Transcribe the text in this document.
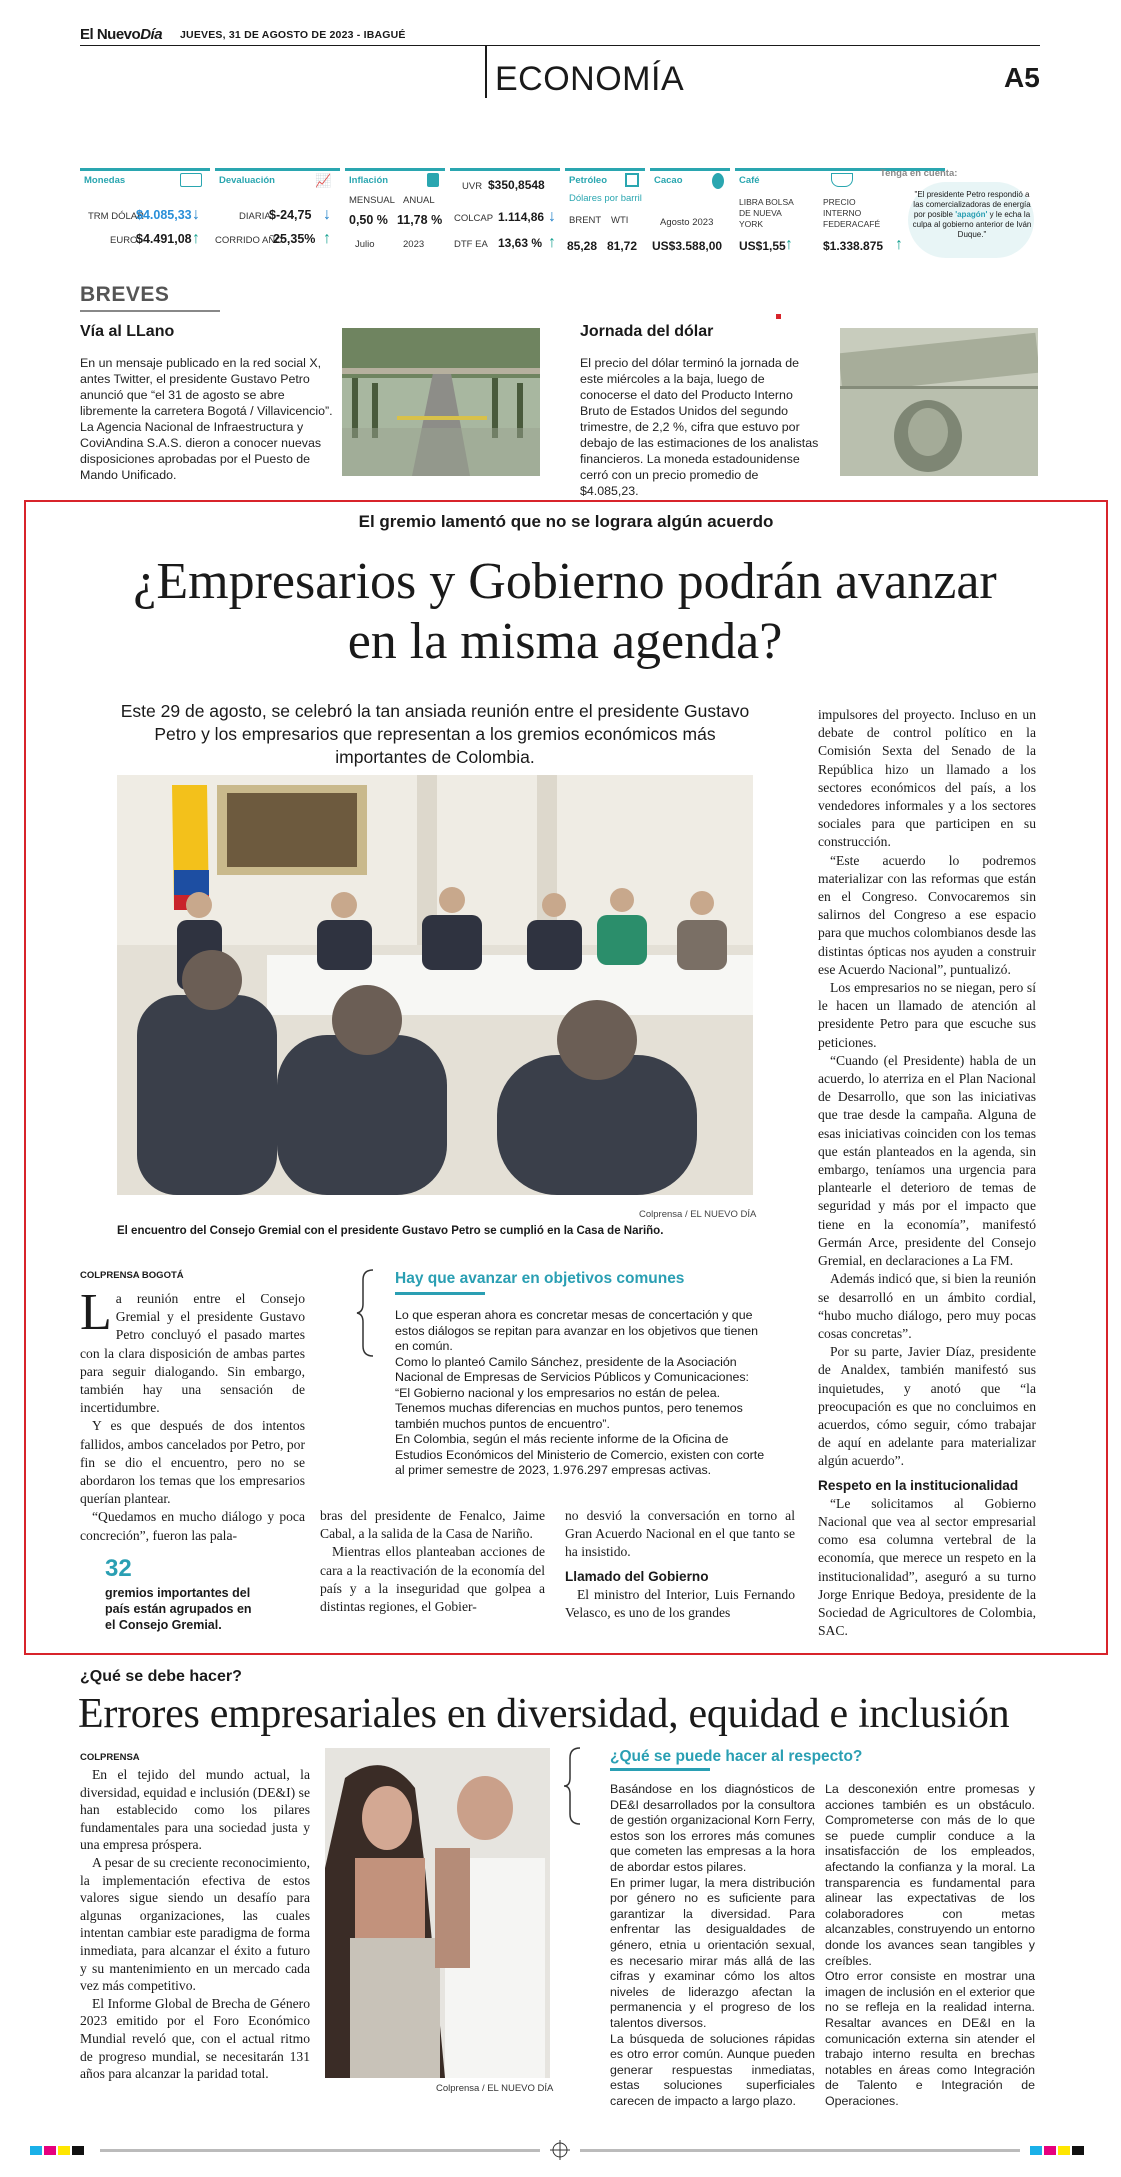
El NuevoDía JUEVES, 31 DE AGOSTO DE 2023 - IBAGUÉ
ECONOMÍA	A5
Monedas
TRM DÓLAR
$4.085,33 ↓
EURO
$4.491,08 ↑
Devaluación	📈
DIARIA
$-24,75 ↓
CORRIDO AÑO
25,35% ↑
Inflación
MENSUAL
0,50 %
Julio
ANUAL
11,78 %
2023
UVR $350,8548
COLCAP 1.114,86 ↓
DTF EA 13,63 % ↑
Petróleo
Dólares por barril
BRENT
85,28
WTI
81,72
Cacao
Agosto 2023
US$3.588,00
Café
LIBRA BOLSA DE NUEVA YORK
US$1,55 ↑
PRECIO INTERNO FEDERACAFÉ
$1.338.875 ↑
Tenga en cuenta:
"El presidente Petro respondió a las comercializadoras de energía por posible 'apagón' y le echa la culpa al gobierno anterior de Iván Duque."
BREVES
Vía al LLano
En un mensaje publicado en la red social X, antes Twitter, el presidente Gustavo Petro anunció que “el 31 de agosto se abre libremente la carretera Bogotá / Villavicencio”. La Agencia Nacional de Infraestructura y CoviAndina S.A.S. dieron a conocer nuevas disposiciones aprobadas por el Puesto de Mando Unificado.
Jornada del dólar
El precio del dólar terminó la jornada de este miércoles a la baja, luego de conocerse el dato del Producto Interno Bruto de Estados Unidos del segundo trimestre, de 2,2 %, cifra que estuvo por debajo de las estimaciones de los analistas financieros. La moneda estadounidense cerró con un precio promedio de $4.085,23.
El gremio lamentó que no se lograra algún acuerdo
¿Empresarios y Gobierno podrán avanzar en la misma agenda?
Este 29 de agosto, se celebró la tan ansiada reunión entre el presidente Gustavo Petro y los empresarios que representan a los gremios económicos más importantes de Colombia.
Colprensa / EL NUEVO DÍA
El encuentro del Consejo Gremial con el presidente Gustavo Petro se cumplió en la Casa de Nariño.
COLPRENSA BOGOTÁ

La reunión entre el Consejo Gremial y el presidente Gustavo Petro concluyó el pasado martes con la clara disposición de ambas partes para seguir dialogando. Sin embargo, también hay una sensación de incertidumbre.

Y es que después de dos intentos fallidos, ambos cancelados por Petro, por fin se dio el encuentro, pero no se abordaron los temas que los empresarios querían plantear.

“Quedamos en mucho diálogo y poca concreción”, fueron las pala-

32
gremios importantes del país están agrupados en el Consejo Gremial.
Hay que avanzar en objetivos comunes

Lo que esperan ahora es concretar mesas de concertación y que estos diálogos se repitan para avanzar en los objetivos que tienen en común.

Como lo planteó Camilo Sánchez, presidente de la Asociación Nacional de Empresas de Servicios Públicos y Comunicaciones: “El Gobierno nacional y los empresarios no están de pelea. Tenemos muchas diferencias en muchos puntos, pero tenemos también muchos puntos de encuentro”.

En Colombia, según el más reciente informe de la Oficina de Estudios Económicos del Ministerio de Comercio, existen con corte al primer semestre de 2023, 1.976.297 empresas activas.

bras del presidente de Fenalco, Jaime Cabal, a la salida de la Casa de Nariño.

Mientras ellos planteaban acciones de cara a la reactivación de la economía del país y a la inseguridad que golpea a distintas regiones, el Gobier-

no desvió la conversación en torno al Gran Acuerdo Nacional en el que tanto se ha insistido.

Llamado del Gobierno

El ministro del Interior, Luis Fernando Velasco, es uno de los grandes

impulsores del proyecto. Incluso en un debate de control político en la Comisión Sexta del Senado de la República hizo un llamado a los sectores económicos del país, a los vendedores informales y a los sectores sociales para que participen en su construcción.

“Este acuerdo lo podremos materializar con las reformas que están en el Congreso. Convocaremos sin salirnos del Congreso a ese espacio para que muchos colombianos desde las distintas ópticas nos ayuden a construir ese Acuerdo Nacional”, puntualizó.

Los empresarios no se niegan, pero sí le hacen un llamado de atención al presidente Petro para que escuche sus peticiones.

“Cuando (el Presidente) habla de un acuerdo, lo aterriza en el Plan Nacional de Desarrollo, que son las iniciativas que trae desde la campaña. Alguna de esas iniciativas coinciden con los temas que están planteados en la agenda, sin embargo, teníamos una urgencia para plantearle el deterioro de temas de seguridad y más por el impacto que tiene en la economía”, manifestó Germán Arce, presidente del Consejo Gremial, en declaraciones a La FM.

Además indicó que, si bien la reunión se desarrolló en un ámbito cordial, “hubo mucho diálogo, pero muy pocas cosas concretas”.

Por su parte, Javier Díaz, presidente de Analdex, también manifestó sus inquietudes, y anotó que “la preocupación es que no concluimos en acuerdos, cómo seguir, cómo trabajar de aquí en adelante para materializar algún acuerdo”.

Respeto en la institucionalidad

“Le solicitamos al Gobierno Nacional que vea al sector empresarial como esa columna vertebral de la economía, que merece un respeto en la institucionalidad”, aseguró a su turno Jorge Enrique Bedoya, presidente de la Sociedad de Agricultores de Colombia, SAC.

¿Qué se debe hacer?
Errores empresariales en diversidad, equidad e inclusión
COLPRENSA

En el tejido del mundo actual, la diversidad, equidad e inclusión (DE&I) se han establecido como los pilares fundamentales para una sociedad justa y una empresa próspera.

A pesar de su creciente reconocimiento, la implementación efectiva de estos valores sigue siendo un desafío para algunas organizaciones, las cuales intentan cambiar este paradigma de forma inmediata, para alcanzar el éxito a futuro y su mantenimiento en un mercado cada vez más competitivo.

El Informe Global de Brecha de Género 2023 emitido por el Foro Económico Mundial reveló que, con el actual ritmo de progreso mundial, se necesitarán 131 años para alcanzar la paridad total.

Colprensa / EL NUEVO DÍA
¿Qué se puede hacer al respecto?

Basándose en los diagnósticos de DE&I desarrollados por la consultora de gestión organizacional Korn Ferry, estos son los errores más comunes que cometen las empresas a la hora de abordar estos pilares.

En primer lugar, la mera distribución por género no es suficiente para garantizar la diversidad. Para enfrentar las desigualdades de género, etnia u orientación sexual, es necesario mirar más allá de las cifras y examinar cómo los altos niveles de liderazgo afectan la permanencia y el progreso de los talentos diversos.

La búsqueda de soluciones rápidas es otro error común. Aunque pueden generar respuestas inmediatas, estas soluciones superficiales carecen de impacto a largo plazo.

La desconexión entre promesas y acciones también es un obstáculo. Comprometerse con más de lo que se puede cumplir conduce a la insatisfacción de los empleados, afectando la confianza y la moral. La transparencia es fundamental para alinear las expectativas de los colaboradores con metas alcanzables, construyendo un entorno donde los avances sean tangibles y creíbles.

Otro error consiste en mostrar una imagen de inclusión en el exterior que no se refleja en la realidad interna. Resaltar avances en DE&I en la comunicación externa sin atender el trabajo interno resulta en brechas notables en áreas como Integración de Talento e Integración de Operaciones.
